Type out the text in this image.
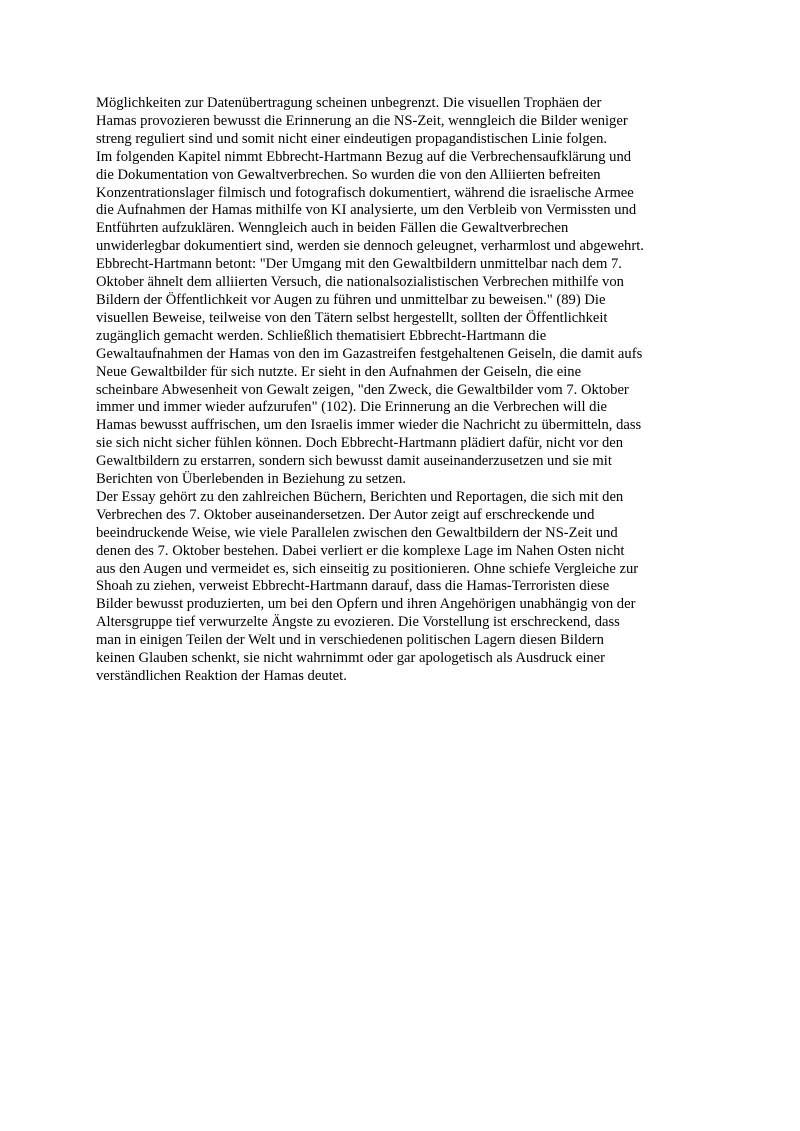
Möglichkeiten zur Datenübertragung scheinen unbegrenzt. Die visuellen Trophäen der
Hamas provozieren bewusst die Erinnerung an die NS-Zeit, wenngleich die Bilder weniger
streng reguliert sind und somit nicht einer eindeutigen propagandistischen Linie folgen.
Im folgenden Kapitel nimmt Ebbrecht-Hartmann Bezug auf die Verbrechensaufklärung und
die Dokumentation von Gewaltverbrechen. So wurden die von den Alliierten befreiten
Konzentrationslager filmisch und fotografisch dokumentiert, während die israelische Armee
die Aufnahmen der Hamas mithilfe von KI analysierte, um den Verbleib von Vermissten und
Entführten aufzuklären. Wenngleich auch in beiden Fällen die Gewaltverbrechen
unwiderlegbar dokumentiert sind, werden sie dennoch geleugnet, verharmlost und abgewehrt.
Ebbrecht-Hartmann betont: "Der Umgang mit den Gewaltbildern unmittelbar nach dem 7.
Oktober ähnelt dem alliierten Versuch, die nationalsozialistischen Verbrechen mithilfe von
Bildern der Öffentlichkeit vor Augen zu führen und unmittelbar zu beweisen." (89) Die
visuellen Beweise, teilweise von den Tätern selbst hergestellt, sollten der Öffentlichkeit
zugänglich gemacht werden. Schließlich thematisiert Ebbrecht-Hartmann die
Gewaltaufnahmen der Hamas von den im Gazastreifen festgehaltenen Geiseln, die damit aufs
Neue Gewaltbilder für sich nutzte. Er sieht in den Aufnahmen der Geiseln, die eine
scheinbare Abwesenheit von Gewalt zeigen, "den Zweck, die Gewaltbilder vom 7. Oktober
immer und immer wieder aufzurufen" (102). Die Erinnerung an die Verbrechen will die
Hamas bewusst auffrischen, um den Israelis immer wieder die Nachricht zu übermitteln, dass
sie sich nicht sicher fühlen können. Doch Ebbrecht-Hartmann plädiert dafür, nicht vor den
Gewaltbildern zu erstarren, sondern sich bewusst damit auseinanderzusetzen und sie mit
Berichten von Überlebenden in Beziehung zu setzen.
Der Essay gehört zu den zahlreichen Büchern, Berichten und Reportagen, die sich mit den
Verbrechen des 7. Oktober auseinandersetzen. Der Autor zeigt auf erschreckende und
beeindruckende Weise, wie viele Parallelen zwischen den Gewaltbildern der NS-Zeit und
denen des 7. Oktober bestehen. Dabei verliert er die komplexe Lage im Nahen Osten nicht
aus den Augen und vermeidet es, sich einseitig zu positionieren. Ohne schiefe Vergleiche zur
Shoah zu ziehen, verweist Ebbrecht-Hartmann darauf, dass die Hamas-Terroristen diese
Bilder bewusst produzierten, um bei den Opfern und ihren Angehörigen unabhängig von der
Altersgruppe tief verwurzelte Ängste zu evozieren. Die Vorstellung ist erschreckend, dass
man in einigen Teilen der Welt und in verschiedenen politischen Lagern diesen Bildern
keinen Glauben schenkt, sie nicht wahrnimmt oder gar apologetisch als Ausdruck einer
verständlichen Reaktion der Hamas deutet.
